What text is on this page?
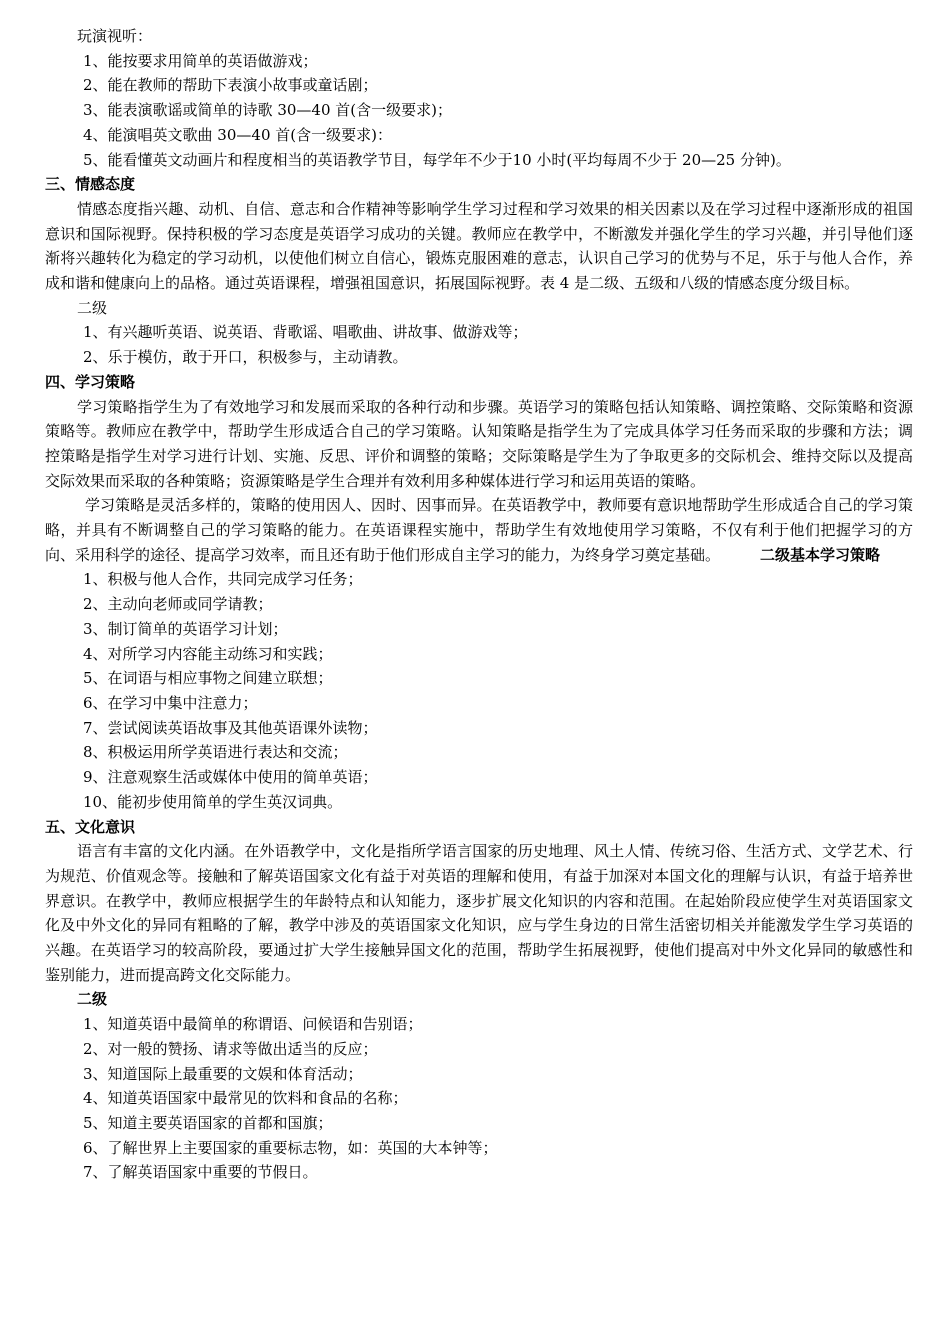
玩演视听：
1、能按要求用简单的英语做游戏；
2、能在教师的帮助下表演小故事或童话剧；
3、能表演歌谣或简单的诗歌 30—40 首(含一级要求)；
4、能演唱英文歌曲 30—40 首(含一级要求)：
5、能看懂英文动画片和程度相当的英语教学节目，每学年不少于10 小时(平均每周不少于 20—25 分钟)。
三、情感态度

情感态度指兴趣、动机、自信、意志和合作精神等影响学生学习过程和学习效果的相关因素以及在学习过程中逐渐形成的祖国意识和国际视野。保持积极的学习态度是英语学习成功的关键。教师应在教学中，不断激发并强化学生的学习兴趣，并引导他们逐渐将兴趣转化为稳定的学习动机，以使他们树立自信心，锻炼克服困难的意志，认识自己学习的优势与不足，乐于与他人合作，养成和谐和健康向上的品格。通过英语课程，增强祖国意识，拓展国际视野。表 4 是二级、五级和八级的情感态度分级目标。

二级
1、有兴趣听英语、说英语、背歌谣、唱歌曲、讲故事、做游戏等；
2、乐于模仿，敢于开口，积极参与，主动请教。
四、学习策略

学习策略指学生为了有效地学习和发展而采取的各种行动和步骤。英语学习的策略包括认知策略、调控策略、交际策略和资源策略等。教师应在教学中，帮助学生形成适合自己的学习策略。认知策略是指学生为了完成具体学习任务而采取的步骤和方法；调控策略是指学生对学习进行计划、实施、反思、评价和调整的策略；交际策略是学生为了争取更多的交际机会、维持交际以及提高交际效果而采取的各种策略；资源策略是学生合理并有效利用多种媒体进行学习和运用英语的策略。

学习策略是灵活多样的，策略的使用因人、因时、因事而异。在英语教学中，教师要有意识地帮助学生形成适合自己的学习策略，并具有不断调整自己的学习策略的能力。在英语课程实施中，帮助学生有效地使用学习策略，不仅有利于他们把握学习的方向、采用科学的途径、提高学习效率，而且还有助于他们形成自主学习的能力，为终身学习奠定基础。	二级基本学习策略

1、积极与他人合作，共同完成学习任务；
2、主动向老师或同学请教；
3、制订简单的英语学习计划；
4、对所学习内容能主动练习和实践；
5、在词语与相应事物之间建立联想；
6、在学习中集中注意力；
7、尝试阅读英语故事及其他英语课外读物；
8、积极运用所学英语进行表达和交流；
9、注意观察生活或媒体中使用的简单英语；
10、能初步使用简单的学生英汉词典。
五、文化意识

语言有丰富的文化内涵。在外语教学中，文化是指所学语言国家的历史地理、风土人情、传统习俗、生活方式、文学艺术、行为规范、价值观念等。接触和了解英语国家文化有益于对英语的理解和使用，有益于加深对本国文化的理解与认识，有益于培养世界意识。在教学中，教师应根据学生的年龄特点和认知能力，逐步扩展文化知识的内容和范围。在起始阶段应使学生对英语国家文化及中外文化的异同有粗略的了解，教学中涉及的英语国家文化知识，应与学生身边的日常生活密切相关并能激发学生学习英语的兴趣。在英语学习的较高阶段，要通过扩大学生接触异国文化的范围，帮助学生拓展视野，使他们提高对中外文化异同的敏感性和鉴别能力，进而提高跨文化交际能力。

二级
1、知道英语中最简单的称谓语、问候语和告别语；
2、对一般的赞扬、请求等做出适当的反应；
3、知道国际上最重要的文娱和体育活动；
4、知道英语国家中最常见的饮料和食品的名称；
5、知道主要英语国家的首都和国旗；
6、了解世界上主要国家的重要标志物，如：英国的大本钟等；
7、了解英语国家中重要的节假日。
